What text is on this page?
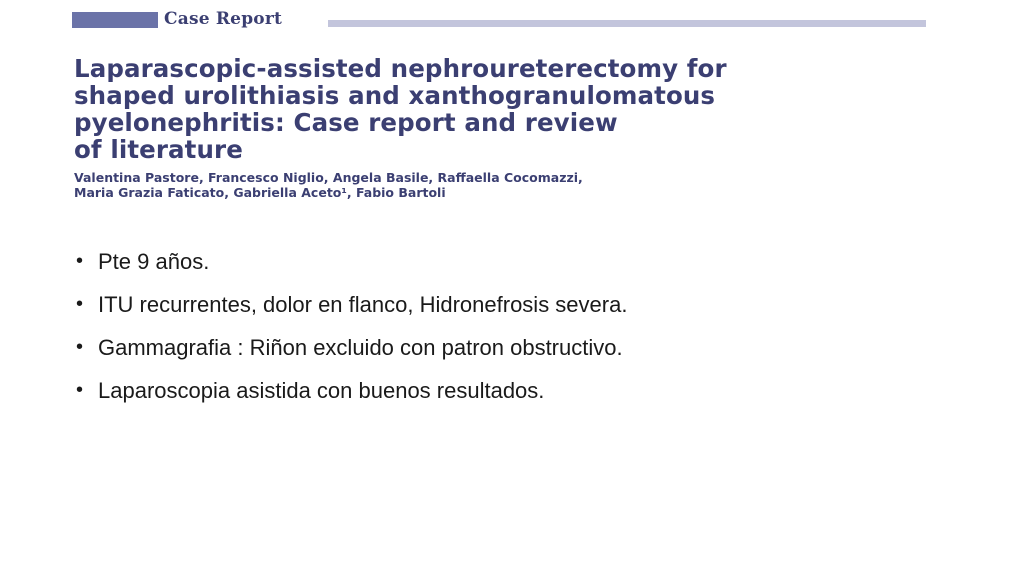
Case Report
Laparascopic-assisted nephroureterectomy for
shaped urolithiasis and xanthogranulomatous
pyelonephritis: Case report and review
of literature

Valentina Pastore, Francesco Niglio, Angela Basile, Raffaella Cocomazzi,
Maria Grazia Faticato, Gabriella Aceto¹, Fabio Bartoli

• Pte 9 años.
• ITU recurrentes, dolor en flanco, Hidronefrosis severa.
• Gammagrafia : Riñon excluido con patron obstructivo.
• Laparoscopia asistida con buenos resultados.
